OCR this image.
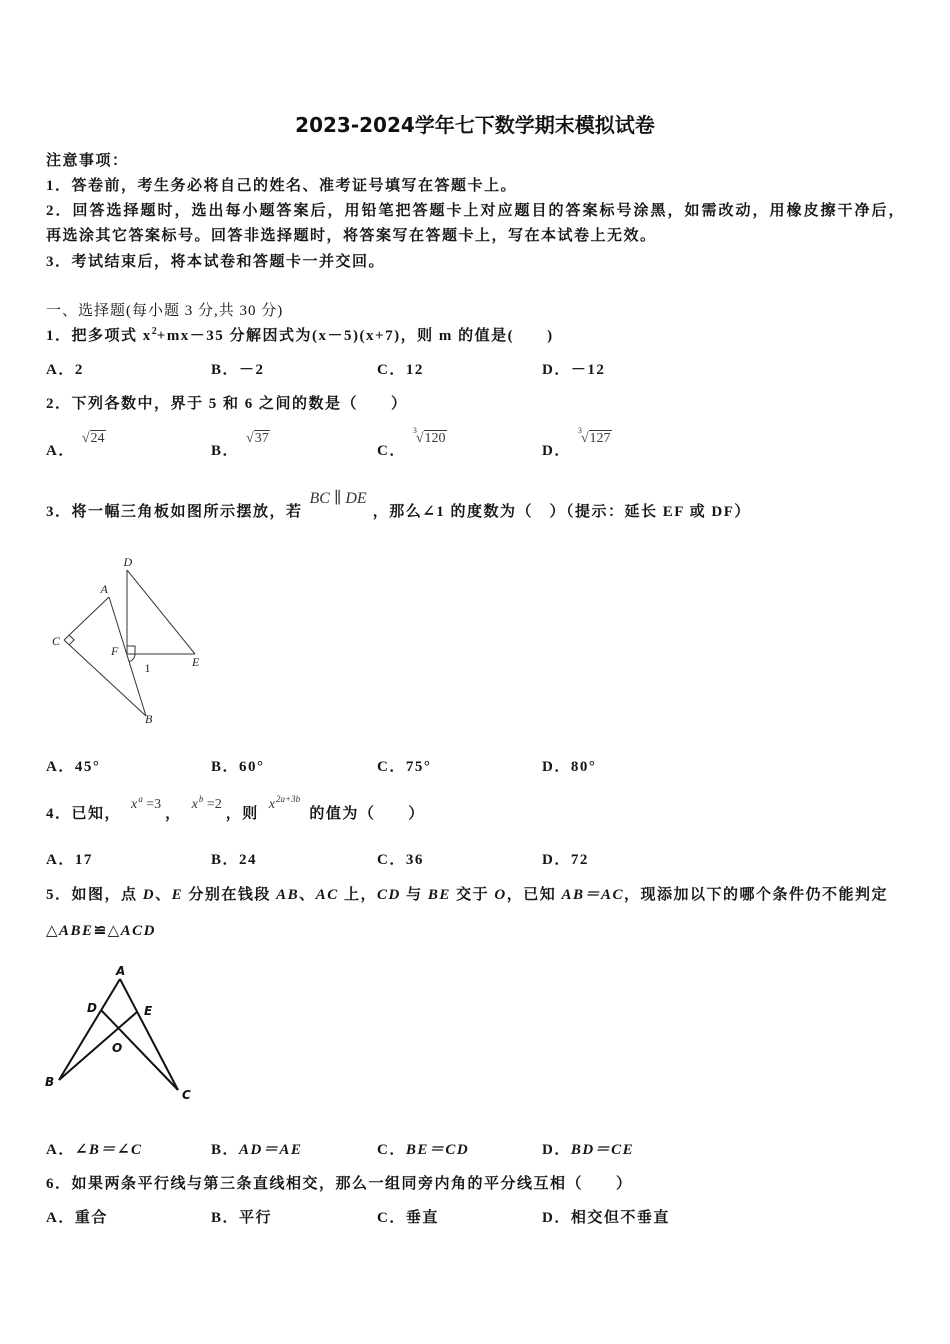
2023-2024学年七下数学期末模拟试卷
注意事项：
1．答卷前，考生务必将自己的姓名、准考证号填写在答题卡上。
2．回答选择题时，选出每小题答案后，用铅笔把答题卡上对应题目的答案标号涂黑，如需改动，用橡皮擦干净后，
再选涂其它答案标号。回答非选择题时，将答案写在答题卡上，写在本试卷上无效。
3．考试结束后，将本试卷和答题卡一并交回。
一、选择题(每小题 3 分,共 30 分)
1．把多项式 $x^2+mx-35$ 分解因式为(x－5)(x+7)，则 m 的值是(　　)
A．2	B．－2	C．12	D．－12
2．下列各数中，界于 5 和 6 之间的数是（　　）
A．√24
B．√37
C．
3
√120
D．
3
√127
3．将一幅三角板如图所示摆放，若BC ∥ DE，那么∠1 的度数为（　）（提示：延长 EF 或 DF）
D
A
C
F
E
B
1
A．45°	B．60°	C．75°	D．80°
4．已知，$x^a =3$，$x^b =2$，则$x^{2a+3b}$ 的值为（　　）
A．17	B．24	C．36	D．72
5．如图，点 D、E 分别在钱段 AB、AC 上，CD 与 BE 交于 O，已知 AB＝AC，现添加以下的哪个条件仍不能判定
△ABE≌△ACD
A
D	E
O
B
C
A．∠B＝∠C	B．AD＝AE	C．BE＝CD	D．BD＝CE
6．如果两条平行线与第三条直线相交，那么一组同旁内角的平分线互相（　　）
A．重合	B．平行	C．垂直	D．相交但不垂直
